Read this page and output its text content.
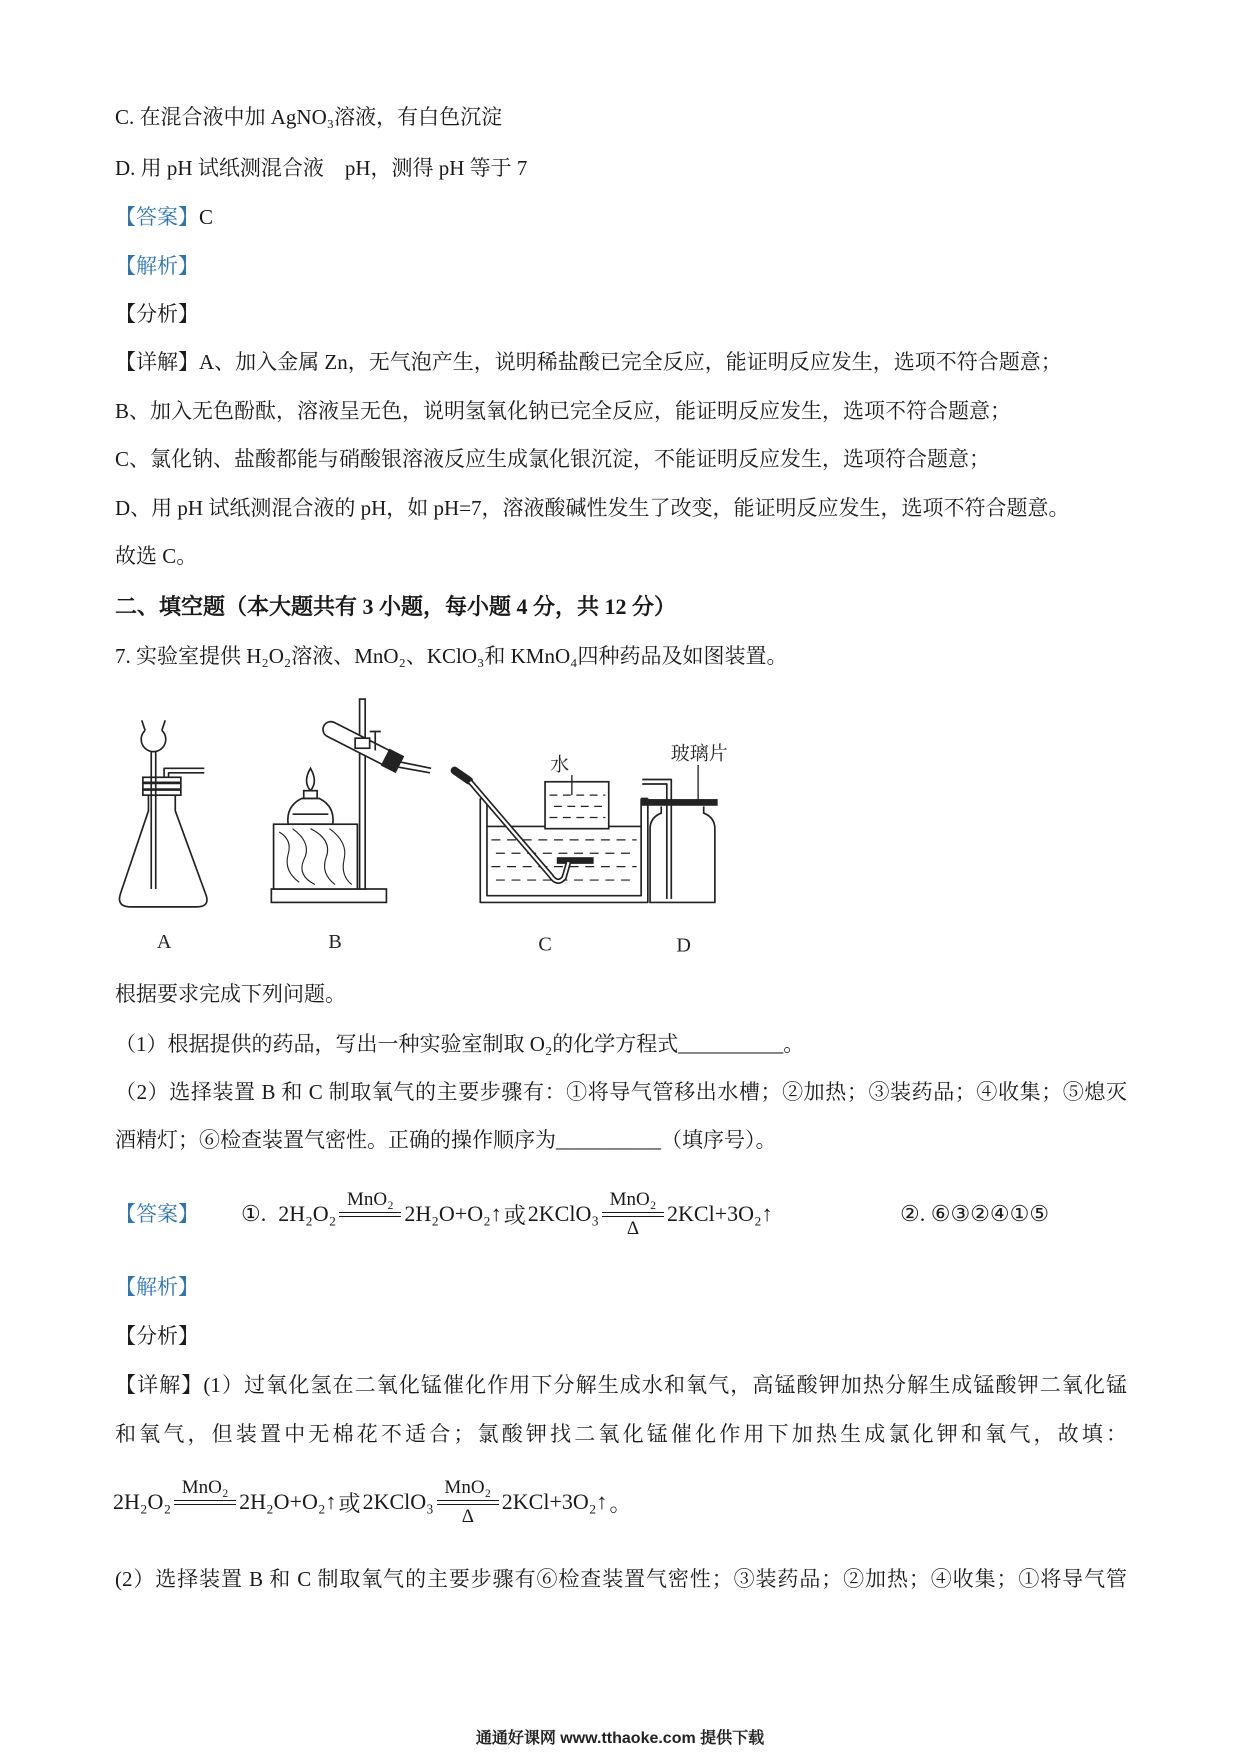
C. 在混合液中加 AgNO₃溶液，有白色沉淀
D. 用 pH 试纸测混合液　pH，测得 pH 等于 7
【答案】C
【解析】
【分析】
【详解】A、加入金属 Zn，无气泡产生，说明稀盐酸已完全反应，能证明反应发生，选项不符合题意；
B、加入无色酚酞，溶液呈无色，说明氢氧化钠已完全反应，能证明反应发生，选项不符合题意；
C、氯化钠、盐酸都能与硝酸银溶液反应生成氯化银沉淀，不能证明反应发生，选项符合题意；
D、用 pH 试纸测混合液的 pH，如 pH=7，溶液酸碱性发生了改变，能证明反应发生，选项不符合题意。
故选 C。
二、填空题（本大题共有 3 小题，每小题 4 分，共 12 分）
7. 实验室提供 H₂O₂溶液、MnO₂、KClO₃和 KMnO₄四种药品及如图装置。
水
玻璃片
A	B	C	D
根据要求完成下列问题。
（1）根据提供的药品，写出一种实验室制取 O₂的化学方程式__________。
（2）选择装置 B 和 C 制取氧气的主要步骤有：①将导气管移出水槽；②加热；③装药品；④收集；⑤熄灭
酒精灯；⑥检查装置气密性。正确的操作顺序为__________（填序号）。
【答案】 ①. 2H₂O₂
MnO₂
2H₂O+O₂↑ 或 2KClO₃
MnO₂
Δ
2KCl+3O₂↑	②. ⑥③②④①⑤
【解析】
【分析】
【详解】(1）过氧化氢在二氧化锰催化作用下分解生成水和氧气，高锰酸钾加热分解生成锰酸钾二氧化锰
和氧气，但装置中无棉花不适合；氯酸钾找二氧化锰催化作用下加热生成氯化钾和氧气，故填：
2H₂O₂
MnO₂
2H₂O+O₂↑ 或 2KClO₃
MnO₂
Δ
2KCl+3O₂↑ 。
(2）选择装置 B 和 C 制取氧气的主要步骤有⑥检查装置气密性；③装药品；②加热；④收集；①将导气管
通通好课网 www.tthaoke.com 提供下载
